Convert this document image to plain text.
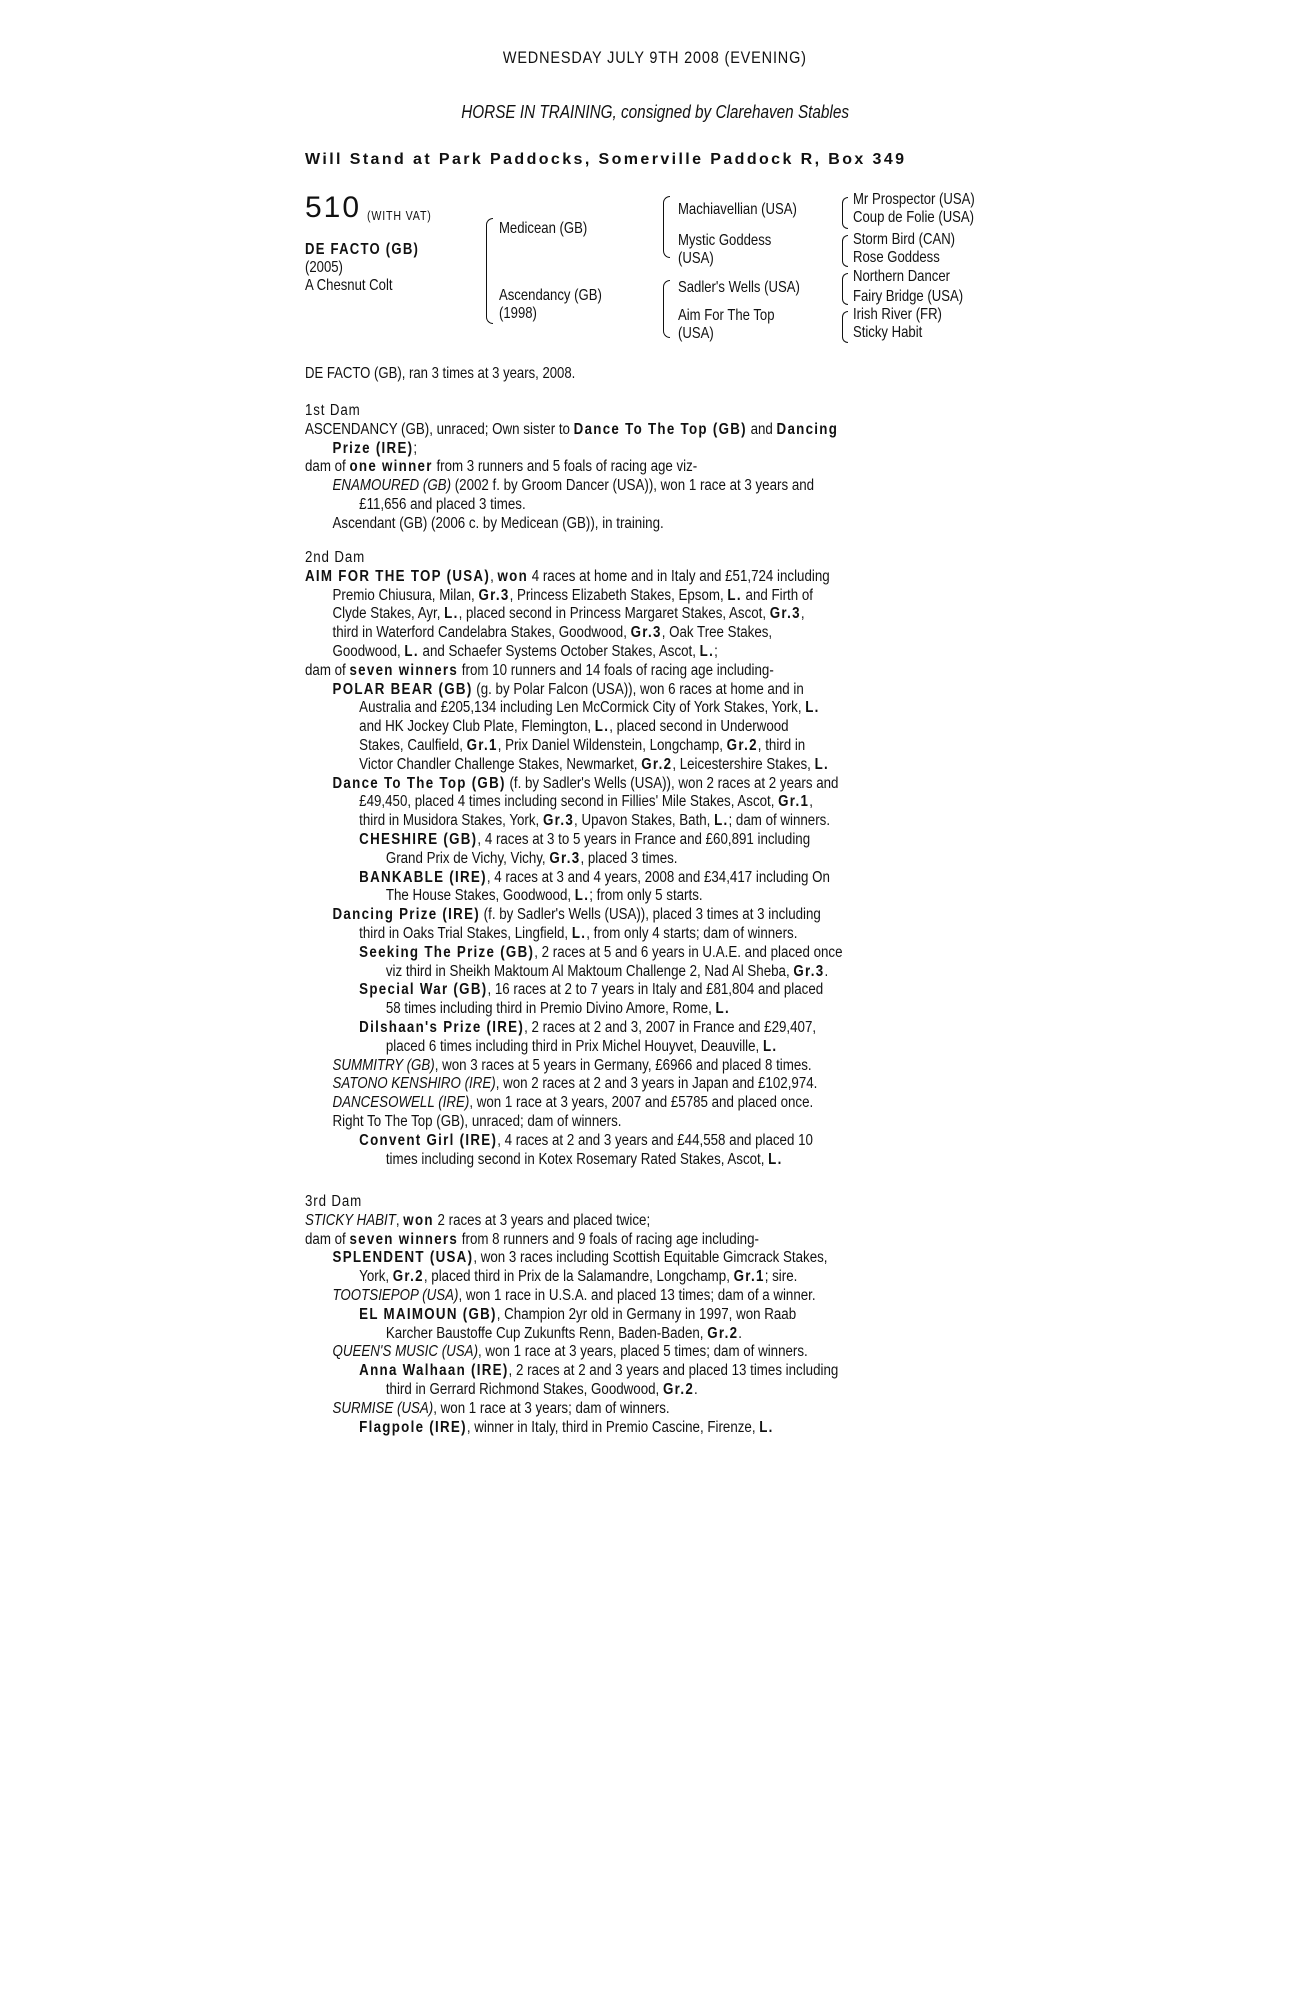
WEDNESDAY JULY 9TH 2008 (EVENING)
HORSE IN TRAINING, consigned by Clarehaven Stables
Will Stand at Park Paddocks, Somerville Paddock R, Box 349
510 (WITH VAT)
DE FACTO (GB)
(2005)
A Chesnut Colt
Medicean (GB)
Ascendancy (GB)
(1998)
Machiavellian (USA)
Mystic Goddess
(USA)
Sadler's Wells (USA)
Aim For The Top
(USA)
Mr Prospector (USA)
Coup de Folie (USA)
Storm Bird (CAN)
Rose Goddess
Northern Dancer
Fairy Bridge (USA)
Irish River (FR)
Sticky Habit
DE FACTO (GB), ran 3 times at 3 years, 2008.

1st Dam

ASCENDANCY (GB), unraced; Own sister to Dance To The Top (GB) and Dancing

Prize (IRE);

dam of one winner from 3 runners and 5 foals of racing age viz-

ENAMOURED (GB) (2002 f. by Groom Dancer (USA)), won 1 race at 3 years and

£11,656 and placed 3 times.

Ascendant (GB) (2006 c. by Medicean (GB)), in training.

2nd Dam

AIM FOR THE TOP (USA), won 4 races at home and in Italy and £51,724 including

Premio Chiusura, Milan, Gr.3, Princess Elizabeth Stakes, Epsom, L. and Firth of

Clyde Stakes, Ayr, L., placed second in Princess Margaret Stakes, Ascot, Gr.3,

third in Waterford Candelabra Stakes, Goodwood, Gr.3, Oak Tree Stakes,

Goodwood, L. and Schaefer Systems October Stakes, Ascot, L.;

dam of seven winners from 10 runners and 14 foals of racing age including-

POLAR BEAR (GB) (g. by Polar Falcon (USA)), won 6 races at home and in

Australia and £205,134 including Len McCormick City of York Stakes, York, L.

and HK Jockey Club Plate, Flemington, L., placed second in Underwood

Stakes, Caulfield, Gr.1, Prix Daniel Wildenstein, Longchamp, Gr.2, third in

Victor Chandler Challenge Stakes, Newmarket, Gr.2, Leicestershire Stakes, L.

Dance To The Top (GB) (f. by Sadler's Wells (USA)), won 2 races at 2 years and

£49,450, placed 4 times including second in Fillies' Mile Stakes, Ascot, Gr.1,

third in Musidora Stakes, York, Gr.3, Upavon Stakes, Bath, L.; dam of winners.

CHESHIRE (GB), 4 races at 3 to 5 years in France and £60,891 including

Grand Prix de Vichy, Vichy, Gr.3, placed 3 times.

BANKABLE (IRE), 4 races at 3 and 4 years, 2008 and £34,417 including On

The House Stakes, Goodwood, L.; from only 5 starts.

Dancing Prize (IRE) (f. by Sadler's Wells (USA)), placed 3 times at 3 including

third in Oaks Trial Stakes, Lingfield, L., from only 4 starts; dam of winners.

Seeking The Prize (GB), 2 races at 5 and 6 years in U.A.E. and placed once

viz third in Sheikh Maktoum Al Maktoum Challenge 2, Nad Al Sheba, Gr.3.

Special War (GB), 16 races at 2 to 7 years in Italy and £81,804 and placed

58 times including third in Premio Divino Amore, Rome, L.

Dilshaan's Prize (IRE), 2 races at 2 and 3, 2007 in France and £29,407,

placed 6 times including third in Prix Michel Houyvet, Deauville, L.

SUMMITRY (GB), won 3 races at 5 years in Germany, £6966 and placed 8 times.

SATONO KENSHIRO (IRE), won 2 races at 2 and 3 years in Japan and £102,974.

DANCESOWELL (IRE), won 1 race at 3 years, 2007 and £5785 and placed once.

Right To The Top (GB), unraced; dam of winners.

Convent Girl (IRE), 4 races at 2 and 3 years and £44,558 and placed 10

times including second in Kotex Rosemary Rated Stakes, Ascot, L.

3rd Dam

STICKY HABIT, won 2 races at 3 years and placed twice;

dam of seven winners from 8 runners and 9 foals of racing age including-

SPLENDENT (USA), won 3 races including Scottish Equitable Gimcrack Stakes,

York, Gr.2, placed third in Prix de la Salamandre, Longchamp, Gr.1; sire.

TOOTSIEPOP (USA), won 1 race in U.S.A. and placed 13 times; dam of a winner.

EL MAIMOUN (GB), Champion 2yr old in Germany in 1997, won Raab

Karcher Baustoffe Cup Zukunfts Renn, Baden-Baden, Gr.2.

QUEEN'S MUSIC (USA), won 1 race at 3 years, placed 5 times; dam of winners.

Anna Walhaan (IRE), 2 races at 2 and 3 years and placed 13 times including

third in Gerrard Richmond Stakes, Goodwood, Gr.2.

SURMISE (USA), won 1 race at 3 years; dam of winners.

Flagpole (IRE), winner in Italy, third in Premio Cascine, Firenze, L.
